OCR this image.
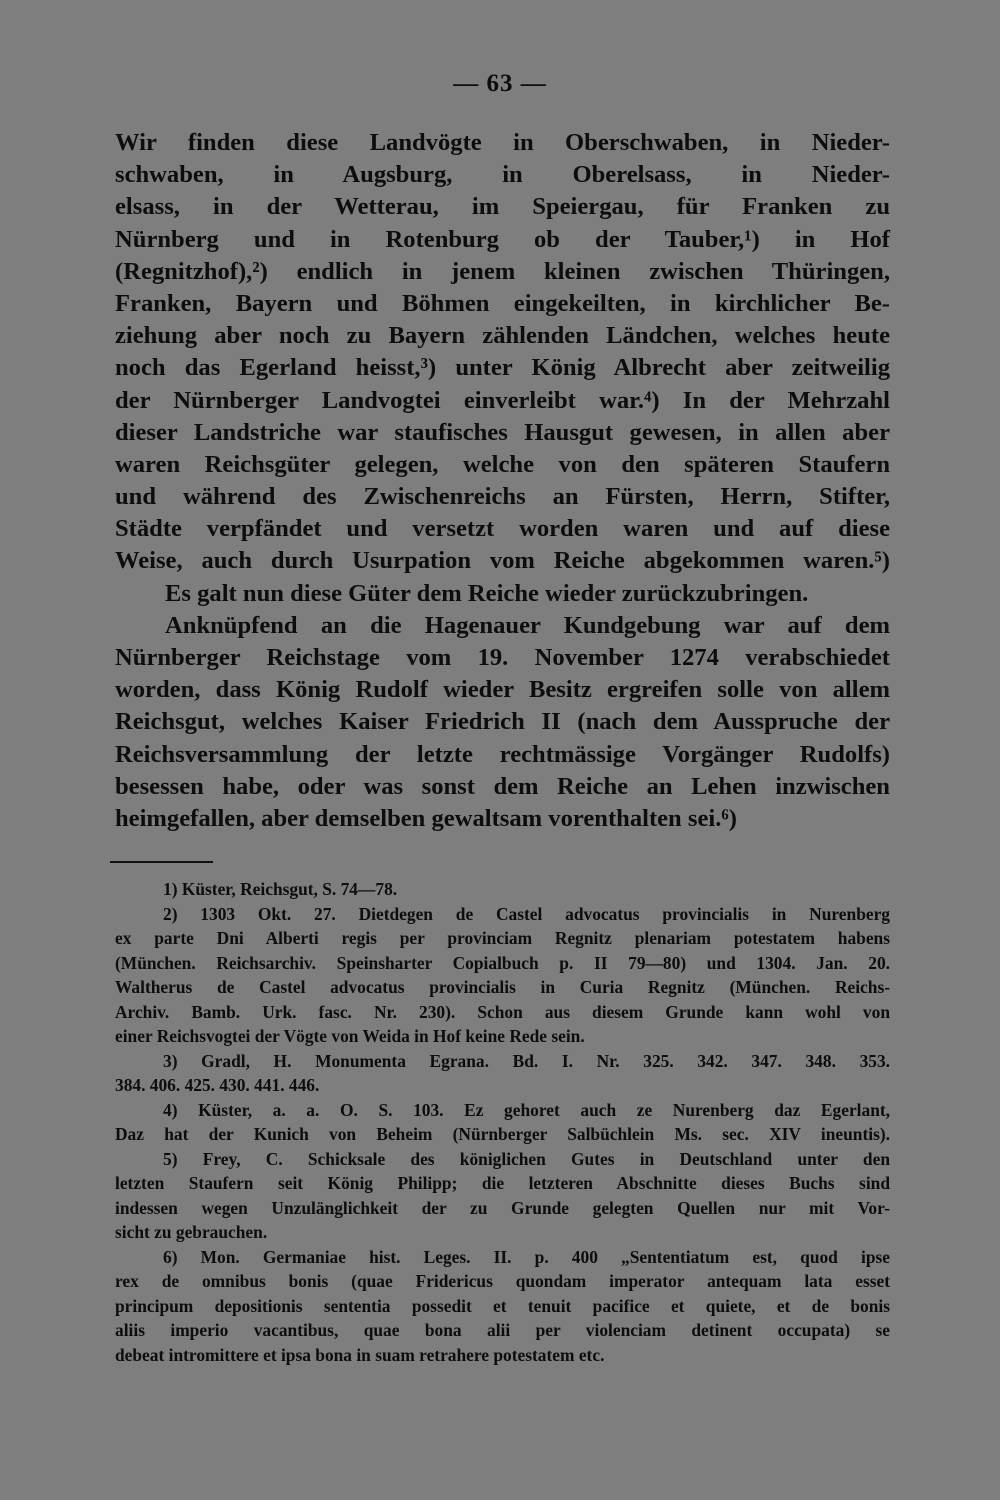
— 63 —
Wir finden diese Landvögte in Oberschwaben, in Nieder-
schwaben, in Augsburg, in Oberelsass, in Nieder-
elsass, in der Wetterau, im Speiergau, für Franken zu
Nürnberg und in Rotenburg ob der Tauber,¹) in Hof
(Regnitzhof),²) endlich in jenem kleinen zwischen Thüringen,
Franken, Bayern und Böhmen eingekeilten, in kirchlicher Be-
ziehung aber noch zu Bayern zählenden Ländchen, welches heute
noch das Egerland heisst,³) unter König Albrecht aber zeitweilig
der Nürnberger Landvogtei einverleibt war.⁴) In der Mehrzahl
dieser Landstriche war staufisches Hausgut gewesen, in allen aber
waren Reichsgüter gelegen, welche von den späteren Staufern
und während des Zwischenreichs an Fürsten, Herrn, Stifter,
Städte verpfändet und versetzt worden waren und auf diese
Weise, auch durch Usurpation vom Reiche abgekommen waren.⁵)
Es galt nun diese Güter dem Reiche wieder zurückzubringen.
Anknüpfend an die Hagenauer Kundgebung war auf dem
Nürnberger Reichstage vom 19. November 1274 verabschiedet
worden, dass König Rudolf wieder Besitz ergreifen solle von allem
Reichsgut, welches Kaiser Friedrich II (nach dem Ausspruche der
Reichsversammlung der letzte rechtmässige Vorgänger Rudolfs)
besessen habe, oder was sonst dem Reiche an Lehen inzwischen
heimgefallen, aber demselben gewaltsam vorenthalten sei.⁶)
1) Küster, Reichsgut, S. 74—78.
2) 1303 Okt. 27. Dietdegen de Castel advocatus provincialis in Nurenberg
ex parte Dni Alberti regis per provinciam Regnitz plenariam potestatem habens
(München. Reichsarchiv. Speinsharter Copialbuch p. II 79—80) und 1304. Jan. 20.
Waltherus de Castel advocatus provincialis in Curia Regnitz (München. Reichs-
Archiv. Bamb. Urk. fasc. Nr. 230). Schon aus diesem Grunde kann wohl von
einer Reichsvogtei der Vögte von Weida in Hof keine Rede sein.
3) Gradl, H. Monumenta Egrana. Bd. I. Nr. 325. 342. 347. 348. 353.
384. 406. 425. 430. 441. 446.
4) Küster, a. a. O. S. 103. Ez gehoret auch ze Nurenberg daz Egerlant,
Daz hat der Kunich von Beheim (Nürnberger Salbüchlein Ms. sec. XIV ineuntis).
5) Frey, C. Schicksale des königlichen Gutes in Deutschland unter den
letzten Staufern seit König Philipp; die letzteren Abschnitte dieses Buchs sind
indessen wegen Unzulänglichkeit der zu Grunde gelegten Quellen nur mit Vor-
sicht zu gebrauchen.
6) Mon. Germaniae hist. Leges. II. p. 400 „Sententiatum est, quod ipse
rex de omnibus bonis (quae Fridericus quondam imperator antequam lata esset
principum depositionis sententia possedit et tenuit pacifice et quiete, et de bonis
aliis imperio vacantibus, quae bona alii per violenciam detinent occupata) se
debeat intromittere et ipsa bona in suam retrahere potestatem etc.
